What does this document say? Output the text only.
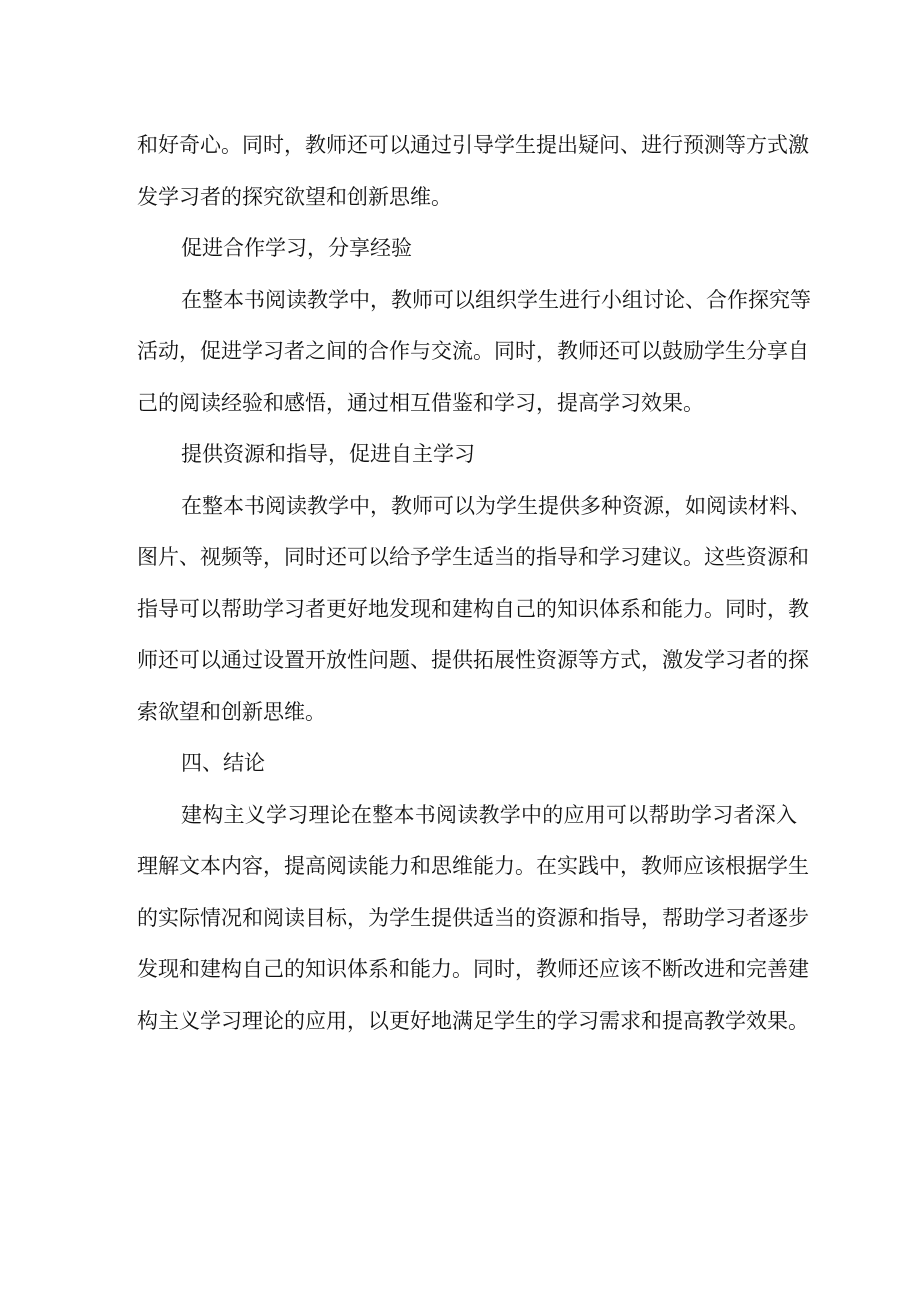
和好奇心。同时，教师还可以通过引导学生提出疑问、进行预测等方式激
发学习者的探究欲望和创新思维。
促进合作学习，分享经验
在整本书阅读教学中，教师可以组织学生进行小组讨论、合作探究等
活动，促进学习者之间的合作与交流。同时，教师还可以鼓励学生分享自
己的阅读经验和感悟，通过相互借鉴和学习，提高学习效果。
提供资源和指导，促进自主学习
在整本书阅读教学中，教师可以为学生提供多种资源，如阅读材料、
图片、视频等，同时还可以给予学生适当的指导和学习建议。这些资源和
指导可以帮助学习者更好地发现和建构自己的知识体系和能力。同时，教
师还可以通过设置开放性问题、提供拓展性资源等方式，激发学习者的探
索欲望和创新思维。
四、结论
建构主义学习理论在整本书阅读教学中的应用可以帮助学习者深入
理解文本内容，提高阅读能力和思维能力。在实践中，教师应该根据学生
的实际情况和阅读目标，为学生提供适当的资源和指导，帮助学习者逐步
发现和建构自己的知识体系和能力。同时，教师还应该不断改进和完善建
构主义学习理论的应用，以更好地满足学生的学习需求和提高教学效果。
